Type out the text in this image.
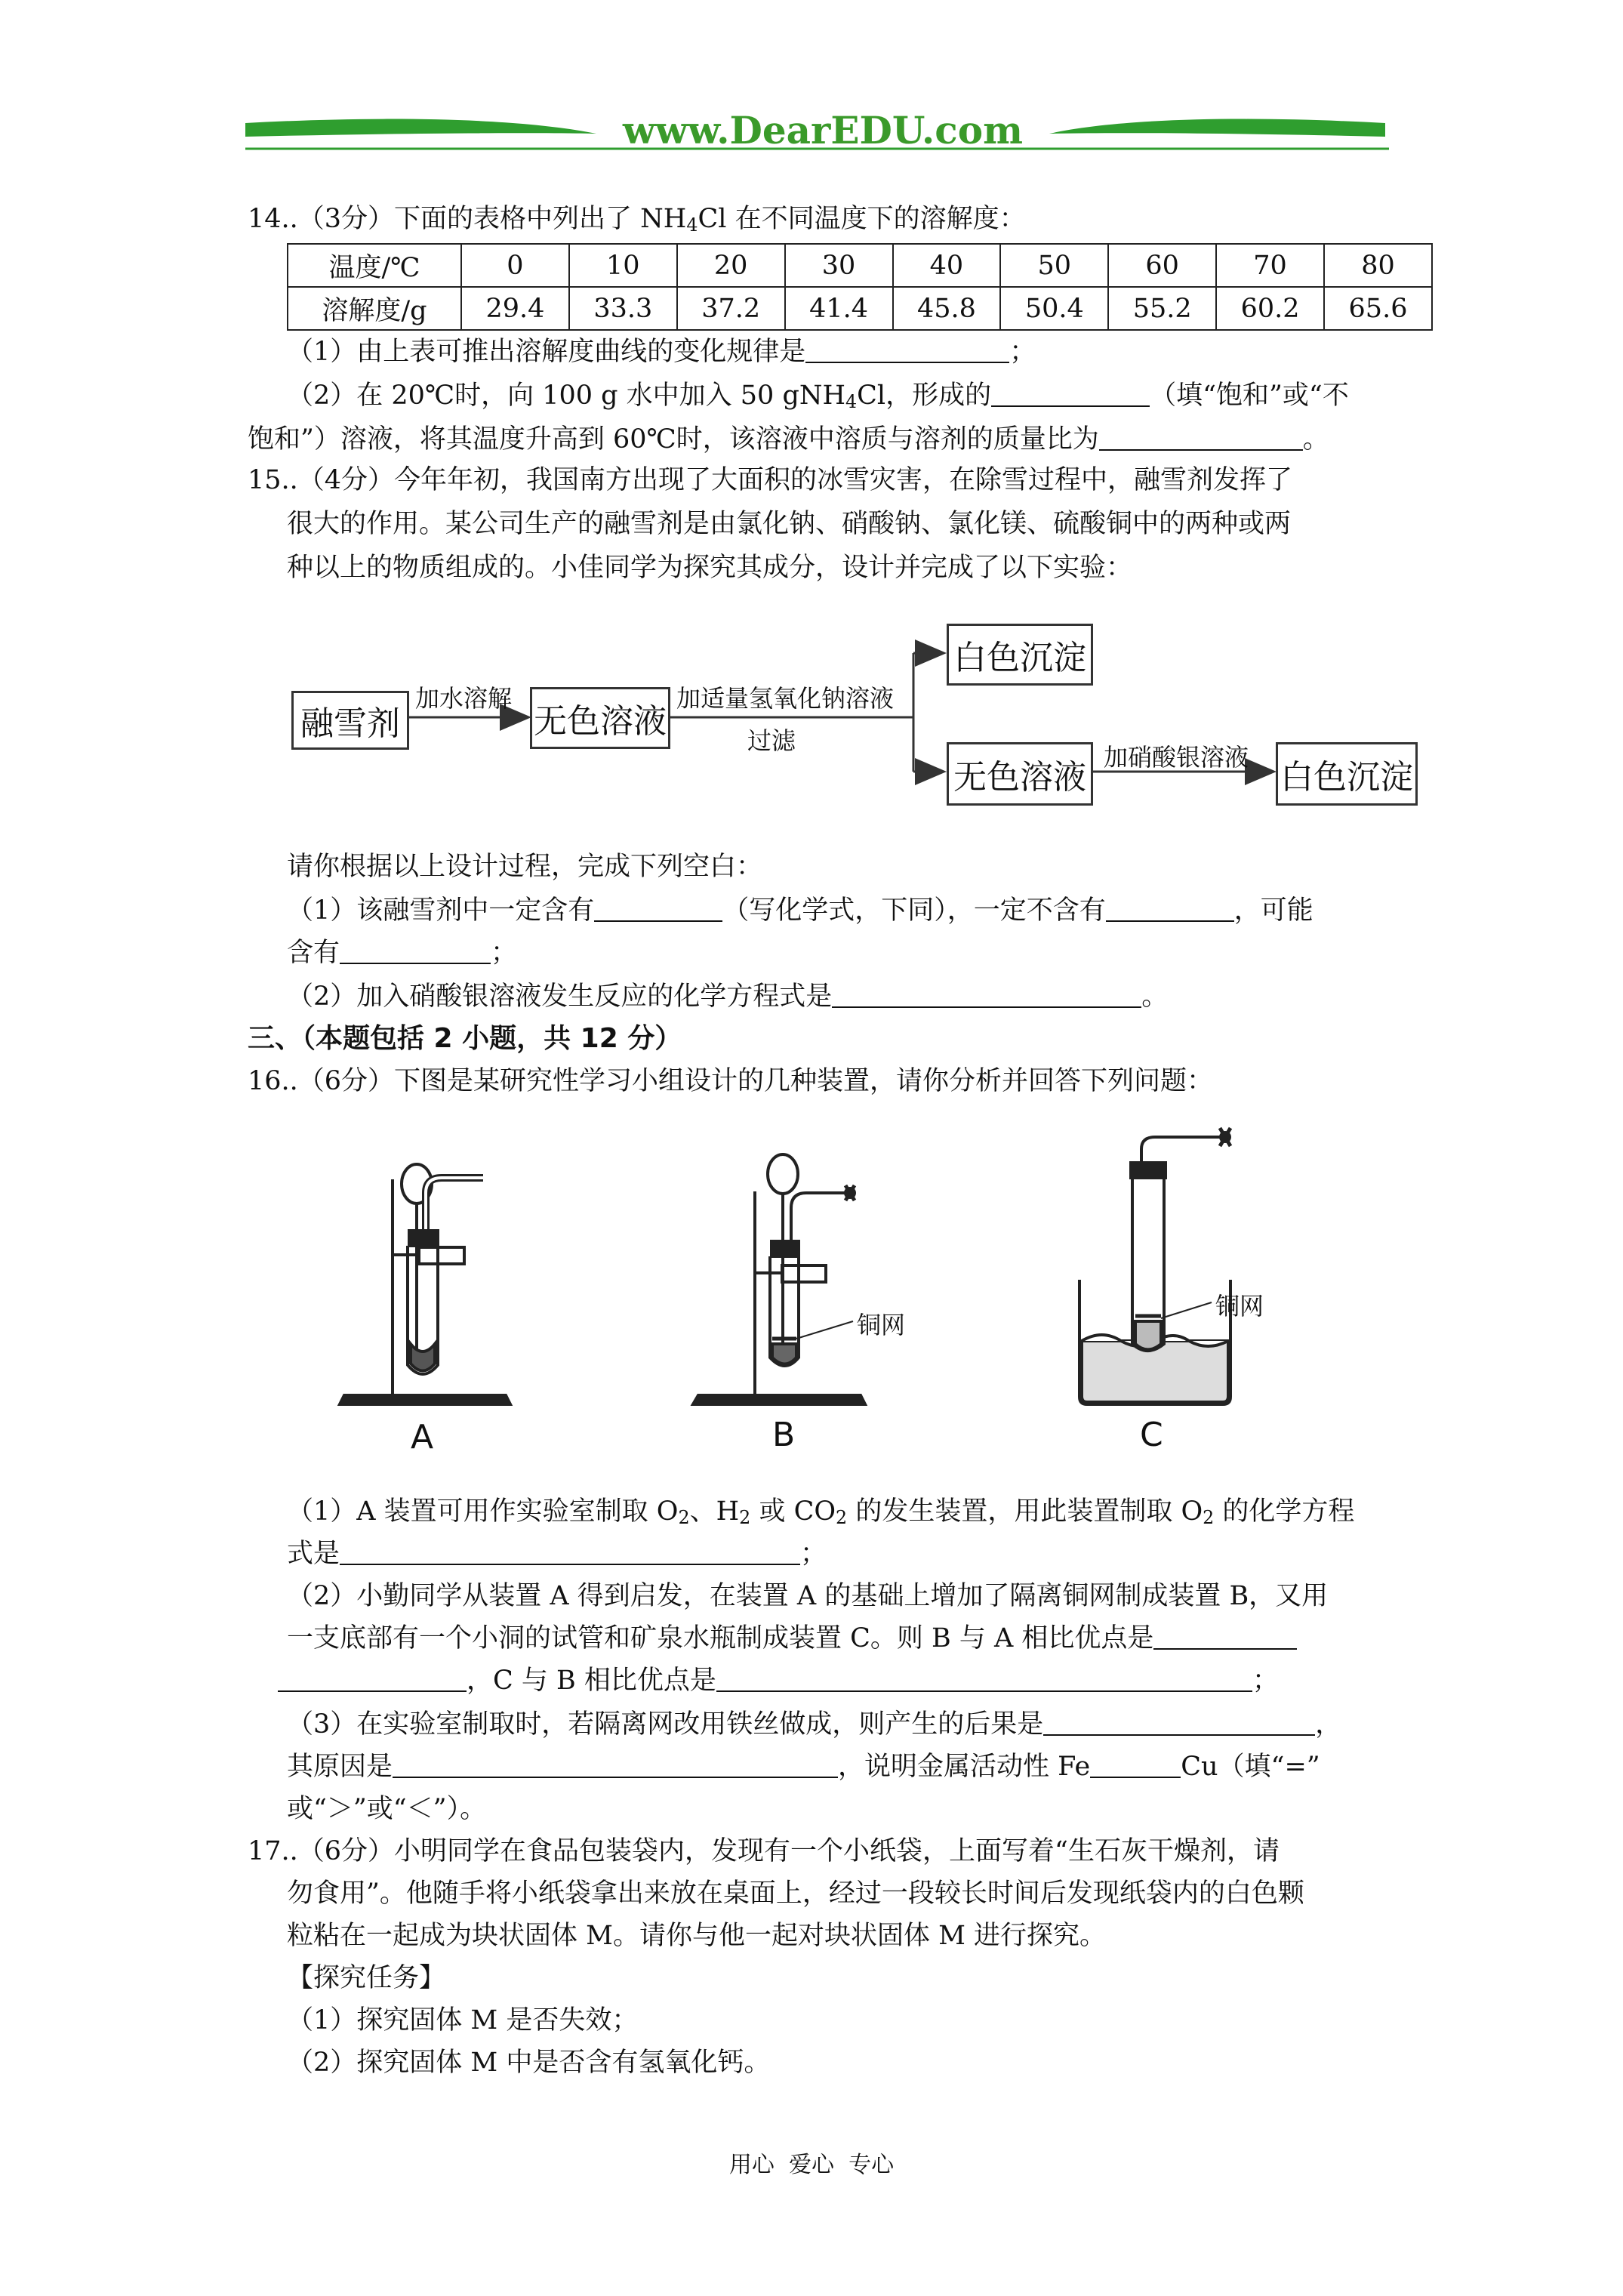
www.DearEDU.com
14..（3分）下面的表格中列出了 $NH_4Cl$ 在不同温度下的溶解度：
温度/℃	0	10	20	30	40	50	60	70	80
溶解度/g	29.4	33.3	37.2	41.4	45.8	50.4	55.2	60.2	65.6
（1）由上表可推出溶解度曲线的变化规律是	；
（2）在 20℃时，向 100 g 水中加入 50 gNH$_4$Cl，形成的	（填“饱和”或“不
饱和”）溶液，将其温度升高到 60℃时，该溶液中溶质与溶剂的质量比为	。
15..（4分）今年年初，我国南方出现了大面积的冰雪灾害，在除雪过程中，融雪剂发挥了
很大的作用。某公司生产的融雪剂是由氯化钠、硝酸钠、氯化镁、硫酸铜中的两种或两
种以上的物质组成的。小佳同学为探究其成分，设计并完成了以下实验：
融雪剂
加水溶解
无色溶液
加适量氢氧化钠溶液
过滤
白色沉淀
无色溶液
加硝酸银溶液
白色沉淀
请你根据以上设计过程，完成下列空白：
（1）该融雪剂中一定含有	（写化学式，下同），一定不含有	，可能
含有	；
（2）加入硝酸银溶液发生反应的化学方程式是	。
三、（本题包括 2 小题，共 12 分）
16..（6分）下图是某研究性学习小组设计的几种装置，请你分析并回答下列问题：
A	B	C
铜网
铜网
（1）A 装置可用作实验室制取 $O_2$、$H_2$ 或 $CO_2$ 的发生装置，用此装置制取 $O_2$ 的化学方程
式是	；
（2）小勤同学从装置 A 得到启发，在装置 A 的基础上增加了隔离铜网制成装置 B，又用
一支底部有一个小洞的试管和矿泉水瓶制成装置 C。则 B 与 A 相比优点是
，C 与 B 相比优点是	；
（3）在实验室制取时，若隔离网改用铁丝做成，则产生的后果是	，
其原因是	，说明金属活动性 Fe	Cu（填“=”
或“＞”或“＜”）。
17..（6分）小明同学在食品包装袋内，发现有一个小纸袋，上面写着“生石灰干燥剂，请
勿食用”。他随手将小纸袋拿出来放在桌面上，经过一段较长时间后发现纸袋内的白色颗
粒粘在一起成为块状固体 M。请你与他一起对块状固体 M 进行探究。
【探究任务】
（1）探究固体 M 是否失效；
（2）探究固体 M 中是否含有氢氧化钙。
用心  爱心  专心
